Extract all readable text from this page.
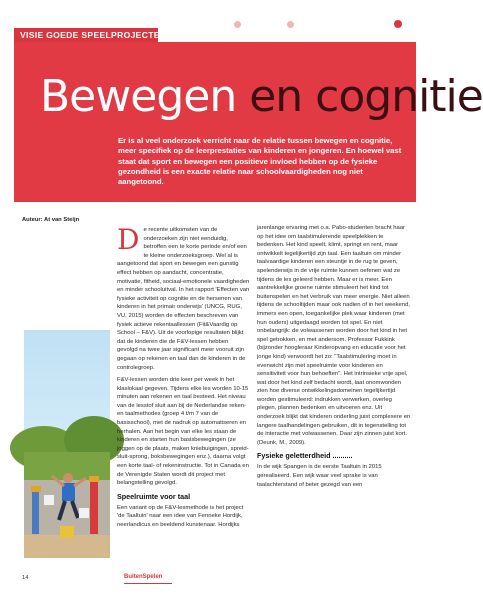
VISIE GOEDE SPEELPROJECTEN
Bewegen en cognitie
Er is al veel onderzoek verricht naar de relatie tussen bewegen en cognitie, meer specifiek op de leerprestaties van kinderen en jongeren. En hoewel vast staat dat sport en bewegen een positieve invloed hebben op de fysieke gezondheid is een exacte relatie naar schoolvaardigheden nog niet aangetoond.
Auteur: At van Steijn

De recente uitkomsten van de onderzoeken zijn niet eenduidig, betroffen een te korte periode en/of een te kleine onderzoeksgroep. Wel al is aangetoond dat sport en bewegen een gunstig effect hebben op aandacht, concentratie, motivatie, fitheid, sociaal-emotionele vaardigheden en minder schooluitval. In het rapport 'Effecten van fysieke activiteit op cognitie en de hersenen van kinderen in het primair onderwijs' (UNCG, RUG, VU, 2015) worden de effecten beschreven van fysiek actieve rekentaallessen (Fit&Vaardig op School – F&V). Uit de voorlopige resultaten blijkt dat de kinderen die de F&V-lessen hebben gevolgd na twee jaar significant meer vooruit zijn gegaan op rekenen en taal dan de kinderen in de controlegroep.

F&V-lessen worden drie keer per week in het klaslokaal gegeven. Tijdens elke les worden 10-15 minuten aan rekenen en taal besteed. Het niveau van de lesstof sluit aan bij de Nederlandse reken- en taalmethodes (groep 4 t/m 7 van de basisschool), met de nadruk op automatiseren en herhalen. Aan het begin van elke les staan de kinderen en starten hun basisbewegingen (ze joggen op de plaats, maken kniebuigingen, spreid-sluit-sprong, boksbewegingen enz.), daarna volgt een korte taal- of rekeninstructie. Tot in Canada en de Verenigde Staten wordt dit project met belangstelling gevolgd.

Speelruimte voor taal

Een variant op de F&V-lesmethode is het project 'de Taaltuin' naar een idee van Fenneke Hordijk, neerlandicus en beeldend kunstenaar. Hordijks

jarenlange ervaring met o.a. Pabo-studenten bracht haar op het idee om taalstimulerende speelplekken te bedenken. Het kind speelt, klimt, springt en rent, maar ontwikkelt tegelijkertijd zijn taal. Een taaltuin om minder taalvaardige kinderen een steuntje in de rug te geven, spelenderwijs in de vrije ruimte kunnen oefenen wat ze tijdens de les geleerd hebben. Maar er is meer. Een aantrekkelijke groene ruimte stimuleert het kind tot buitenspelen en het verbruik van meer energie. Niet alleen tijdens de schooltijden maar ook nadien of in het weekend, immers een open, toegankelijke plek waar kinderen (met hun ouders) uitgedaagd worden tot spel. En niet onbelangrijk: de volwassenen worden door het kind in het spel getrokken, en met andersom. Professor Fukkink (bijzonder hoogleraar Kinderopvang en educatie voor het jonge kind) verwoordt het zo: "Taalstimulering moet in evenwicht zijn met speelruimte voor kinderen en sensitiviteit voor hun behoeften". Het intrinsieke vrije spel, wat door het kind zelf bedacht wordt, laat onomwonden zien hoe diverse ontwikkelingsdomeinen tegelijkertijd worden gestimuleerd: indrukken verwerken, overleg plegen, plannen bedenken en uitvoeren enz. Uit onderzoek blijkt dat kinderen onderling juist complexere en langere taalhandelingen gebruiken, dit in tegenstelling tot de interactie met volwassenen. Daar zijn zinnen juist kort. (Deunk, M., 2009).

Fysieke geletterdheid ..........

In de wijk Spangen is de eerste Taaltuin in 2015 gerealiseerd. Een wijk waar veel sprake is van taalachterstand of beter gezegd van een

14	BuitenSpelen
